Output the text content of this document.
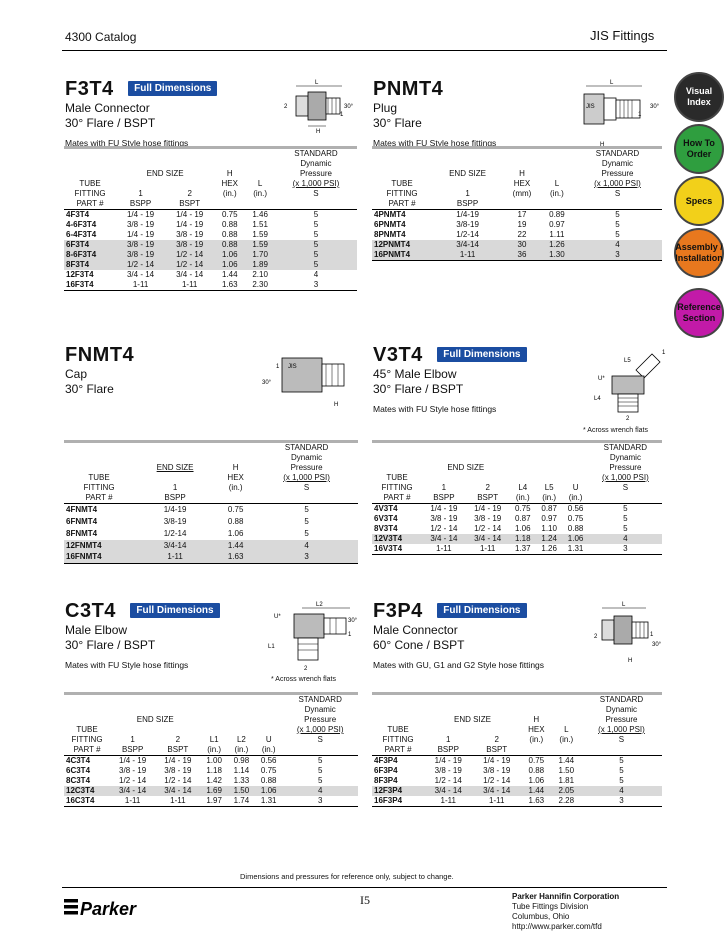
4300 Catalog	JIS Fittings
Visual
Index
How To
Order
Specs
Assembly /
Installation
Reference
Section
F3T4 Full Dimensions
Male Connector
30° Flare / BSPT
Mates with FU Style hose fittings
L
2	30°
1
H
					STANDARD
					Dynamic
	END SIZE		H		Pressure
TUBE			HEX	L	(x 1,000 PSI)
FITTING	1	2	(in.)	(in.)	S
PART #	BSPP	BSPT			
4F3T4	1/4 - 19	1/4 - 19	0.75	1.46	5
4-6F3T4	3/8 - 19	1/4 - 19	0.88	1.51	5
6-4F3T4	1/4 - 19	3/8 - 19	0.88	1.59	5
6F3T4	3/8 - 19	3/8 - 19	0.88	1.59	5
8-6F3T4	3/8 - 19	1/2 - 14	1.06	1.70	5
8F3T4	1/2 - 14	1/2 - 14	1.06	1.89	5
12F3T4	3/4 - 14	3/4 - 14	1.44	2.10	4
16F3T4	1-11	1-11	1.63	2.30	3
PNMT4
Plug
30° Flare
Mates with FU Style hose fittings
L
JIS	30°
1
H
				STANDARD
				Dynamic
	END SIZE	H		Pressure
TUBE		HEX	L	(x 1,000 PSI)
FITTING	1	(mm)	(in.)	S
PART #	BSPP			
4PNMT4	1/4-19	17	0.89	5
6PNMT4	3/8-19	19	0.97	5
8PNMT4	1/2-14	22	1.11	5
12PNMT4	3/4-14	30	1.26	4
16PNMT4	1-11	36	1.30	3
FNMT4
Cap
30° Flare
1 JIS
30°
H
			STANDARD
			Dynamic
	END SIZE	H	Pressure
TUBE		HEX	(x 1,000 PSI)
FITTING	1	(in.)	S
PART #	BSPP		
4FNMT4	1/4-19	0.75	5
6FNMT4	3/8-19	0.88	5
8FNMT4	1/2-14	1.06	5
12FNMT4	3/4-14	1.44	4
16FNMT4	1-11	1.63	3
V3T4 Full Dimensions
45° Male Elbow
30° Flare / BSPT
Mates with FU Style hose fittings
L5
U*
L4
2
1
* Across wrench flats
						STANDARD
						Dynamic
	END SIZE					Pressure
TUBE						(x 1,000 PSI)
FITTING	1	2	L4	L5	U	S
PART #	BSPP	BSPT	(in.)	(in.)	(in.)	
4V3T4	1/4 - 19	1/4 - 19	0.75	0.87	0.56	5
6V3T4	3/8 - 19	3/8 - 19	0.87	0.97	0.75	5
8V3T4	1/2 - 14	1/2 - 14	1.06	1.10	0.88	5
12V3T4	3/4 - 14	3/4 - 14	1.18	1.24	1.06	4
16V3T4	1-11	1-11	1.37	1.26	1.31	3
C3T4 Full Dimensions
Male Elbow
30° Flare / BSPT
Mates with FU Style hose fittings
U*
L2
30°
1
L1
2
* Across wrench flats
						STANDARD
						Dynamic
	END SIZE					Pressure
TUBE						(x 1,000 PSI)
FITTING	1	2	L1	L2	U	S
PART #	BSPP	BSPT	(in.)	(in.)	(in.)	
4C3T4	1/4 - 19	1/4 - 19	1.00	0.98	0.56	5
6C3T4	3/8 - 19	3/8 - 19	1.18	1.14	0.75	5
8C3T4	1/2 - 14	1/2 - 14	1.42	1.33	0.88	5
12C3T4	3/4 - 14	3/4 - 14	1.69	1.50	1.06	4
16C3T4	1-11	1-11	1.97	1.74	1.31	3
F3P4 Full Dimensions
Male Connector
60° Cone / BSPT
Mates with GU, G1 and G2 Style hose fittings
L
2	1
30°
H
					STANDARD
					Dynamic
	END SIZE		H		Pressure
TUBE			HEX	L	(x 1,000 PSI)
FITTING	1	2	(in.)	(in.)	S
PART #	BSPP	BSPT			
4F3P4	1/4 - 19	1/4 - 19	0.75	1.44	5
6F3P4	3/8 - 19	3/8 - 19	0.88	1.50	5
8F3P4	1/2 - 14	1/2 - 14	1.06	1.81	5
12F3P4	3/4 - 14	3/4 - 14	1.44	2.05	4
16F3P4	1-11	1-11	1.63	2.28	3
Dimensions and pressures for reference only, subject to change.
I5	Parker Hannifin Corporation
Tube Fittings Division
Columbus, Ohio
http://www.parker.com/tfd
Parker
